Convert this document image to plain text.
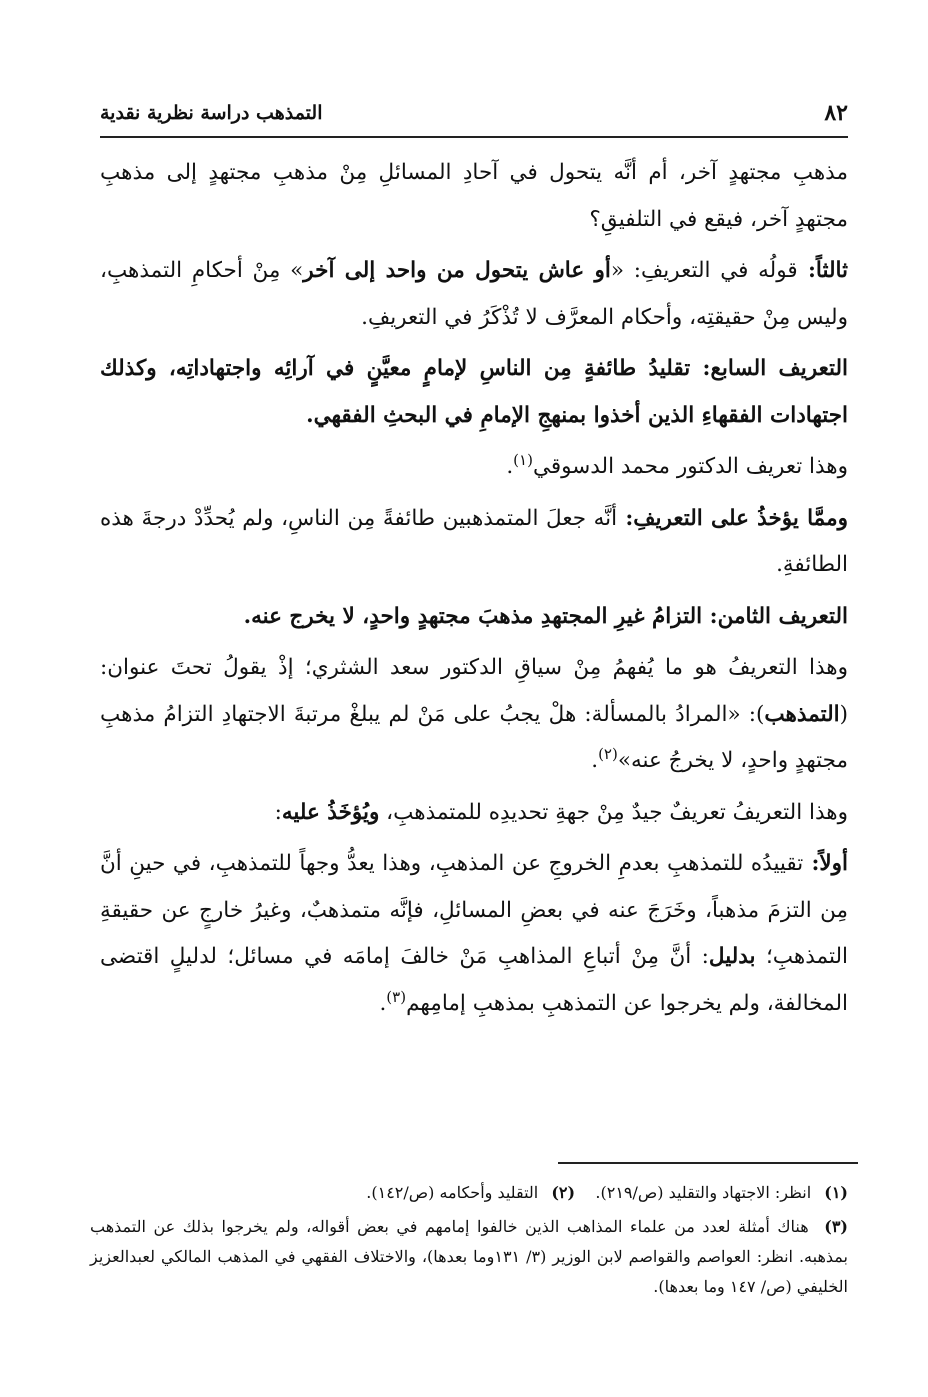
٨٢
التمذهب دراسة نظرية نقدية

مذهبِ مجتهدٍ آخر، أم أنَّه يتحول في آحادِ المسائلِ مِنْ مذهبِ مجتهدٍ إلى مذهبِ مجتهدٍ آخر، فيقع في التلفيقِ؟

ثالثاً: قولُه في التعريفِ: «أو عاش يتحول من واحد إلى آخر» مِنْ أحكامِ التمذهبِ، وليس مِنْ حقيقتِه، وأحكام المعرَّف لا تُذْكَرُ في التعريفِ.

التعريف السابع: تقليدُ طائفةٍ مِن الناسِ لإمامٍ معيَّنٍ في آرائِه واجتهاداتِه، وكذلك اجتهادات الفقهاءِ الذين أخذوا بمنهجِ الإمامِ في البحثِ الفقهي.

وهذا تعريف الدكتور محمد الدسوقي$^{(١)}$.

وممَّا يؤخذُ على التعريفِ: أنَّه جعلَ المتمذهبين طائفةً مِن الناسِ، ولم يُحدِّدْ درجةَ هذه الطائفةِ.

التعريف الثامن: التزامُ غيرِ المجتهدِ مذهبَ مجتهدٍ واحدٍ، لا يخرج عنه.

وهذا التعريفُ هو ما يُفهمُ مِنْ سياقِ الدكتور سعد الشثري؛ إذْ يقولُ تحتَ عنوان: (التمذهب): «المرادُ بالمسألة: هلْ يجبُ على مَنْ لم يبلغْ مرتبةَ الاجتهادِ التزامُ مذهبِ مجتهدٍ واحدٍ، لا يخرجُ عنه»$^{(٢)}$.

وهذا التعريفُ تعريفٌ جيدٌ مِنْ جهةِ تحديدِه للمتمذهبِ، ويُؤخَذُ عليه:

أولاً: تقييدُه للتمذهبِ بعدمِ الخروجِ عن المذهبِ، وهذا يعدُّ وجهاً للتمذهبِ، في حينِ أنَّ مِن التزمَ مذهباً، وخَرَجَ عنه في بعضِ المسائلِ، فإنَّه متمذهبٌ، وغيرُ خارجٍ عن حقيقةِ التمذهبِ؛ بدليل: أنَّ مِنْ أتباعِ المذاهبِ مَنْ خالفَ إمامَه في مسائل؛ لدليلٍ اقتضى المخالفة، ولم يخرجوا عن التمذهبِ بمذهبِ إمامِهم$^{(٣)}$.

(١) انظر: الاجتهاد والتقليد (ص/٢١٩).    (٢) التقليد وأحكامه (ص/١٤٢).

(٣) هناك أمثلة لعدد من علماء المذاهب الذين خالفوا إمامهم في بعض أقواله، ولم يخرجوا بذلك عن التمذهب بمذهبه. انظر: العواصم والقواصم لابن الوزير (٣/ ١٣١وما بعدها)، والاختلاف الفقهي في المذهب المالكي لعبدالعزيز الخليفي (ص/ ١٤٧ وما بعدها).
